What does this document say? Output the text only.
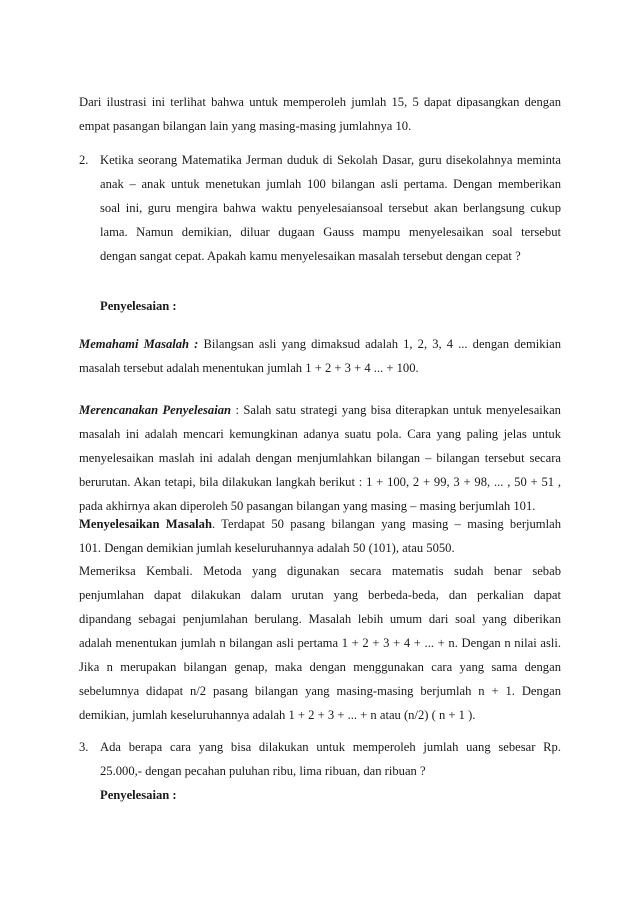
Dari ilustrasi ini terlihat bahwa untuk memperoleh jumlah 15, 5 dapat dipasangkan dengan
empat pasangan bilangan lain yang masing-masing jumlahnya 10.
2. Ketika seorang Matematika Jerman duduk di Sekolah Dasar, guru disekolahnya meminta
anak – anak untuk menetukan jumlah 100 bilangan asli pertama. Dengan memberikan
soal ini, guru mengira bahwa waktu penyelesaiansoal tersebut akan berlangsung cukup
lama. Namun demikian, diluar dugaan Gauss mampu menyelesaikan soal tersebut
dengan sangat cepat. Apakah kamu menyelesaikan masalah tersebut dengan cepat ?
Penyelesaian :
Memahami Masalah : Bilangsan asli yang dimaksud adalah 1, 2, 3, 4 ... dengan demikian
masalah tersebut adalah menentukan jumlah 1 + 2 + 3 + 4 ... + 100.
Merencanakan Penyelesaian : Salah satu strategi yang bisa diterapkan untuk menyelesaikan
masalah ini adalah mencari kemungkinan adanya suatu pola. Cara yang paling jelas untuk
menyelesaikan maslah ini adalah dengan menjumlahkan bilangan – bilangan tersebut secara
berurutan. Akan tetapi, bila dilakukan langkah berikut : 1 + 100, 2 + 99, 3 + 98, ... , 50 + 51 ,
pada akhirnya akan diperoleh 50 pasangan bilangan yang masing – masing berjumlah 101.
Menyelesaikan Masalah. Terdapat 50 pasang bilangan yang masing – masing berjumlah
101. Dengan demikian jumlah keseluruhannya adalah 50 (101), atau 5050.
Memeriksa Kembali. Metoda yang digunakan secara matematis sudah benar sebab
penjumlahan dapat dilakukan dalam urutan yang berbeda-beda, dan perkalian dapat
dipandang sebagai penjumlahan berulang. Masalah lebih umum dari soal yang diberikan
adalah menentukan jumlah n bilangan asli pertama 1 + 2 + 3 + 4 + ... + n. Dengan n nilai asli.
Jika n merupakan bilangan genap, maka dengan menggunakan cara yang sama dengan
sebelumnya didapat n/2 pasang bilangan yang masing-masing berjumlah n + 1. Dengan
demikian, jumlah keseluruhannya adalah 1 + 2 + 3 + ... + n atau (n/2) ( n + 1 ).
3. Ada berapa cara yang bisa dilakukan untuk memperoleh jumlah uang sebesar Rp.
25.000,- dengan pecahan puluhan ribu, lima ribuan, dan ribuan ?
Penyelesaian :
